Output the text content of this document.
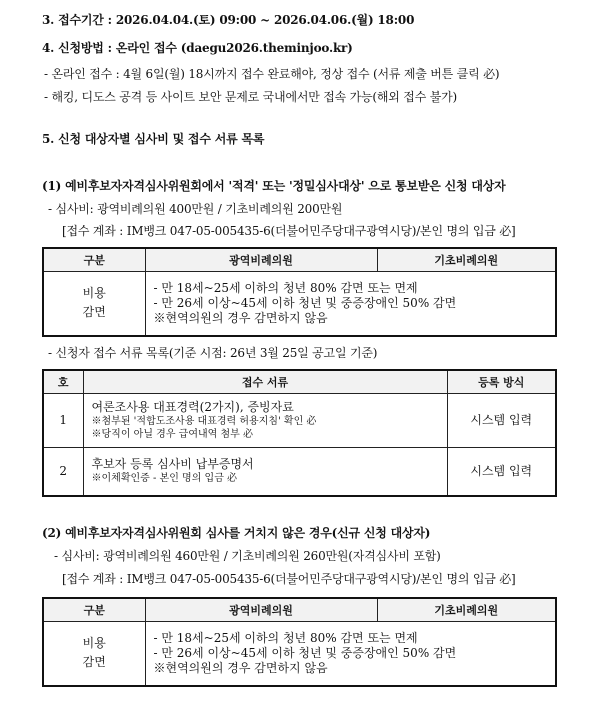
3. 접수기간 : 2026.04.04.(토) 09:00 ~ 2026.04.06.(월) 18:00
4. 신청방법 : 온라인 접수 (daegu2026.theminjoo.kr)
- 온라인 접수 : 4월 6일(월) 18시까지 접수 완료해야, 정상 접수 (서류 제출 버튼 클릭 必)
- 해킹, 디도스 공격 등 사이트 보안 문제로 국내에서만 접속 가능(해외 접수 불가)
5. 신청 대상자별 심사비 및 접수 서류 목록
(1) 예비후보자자격심사위원회에서 '적격' 또는 '정밀심사대상' 으로 통보받은 신청 대상자
- 심사비: 광역비례의원 400만원 / 기초비례의원 200만원
[접수 계좌 : IM뱅크 047-05-005435-6(더불어민주당대구광역시당)/본인 명의 입금 必]
구분	광역비례의원	기초비례의원

비용
감면	- 만 18세~25세 이하의 청년 80% 감면 또는 면제
- 만 26세 이상~45세 이하 청년 및 중증장애인 50% 감면
※현역의원의 경우 감면하지 않음	
- 신청자 접수 서류 목록(기준 시점: 26년 3월 25일 공고일 기준)
호	접수 서류	등록 방식
1	여론조사용 대표경력(2가지), 증빙자료
※첨부된 '적합도조사용 대표경력 허용지침' 확인 必
※당직이 아닐 경우 급여내역 첨부 必	시스템 입력
2	후보자 등록 심사비 납부증명서
※이체확인증 - 본인 명의 입금 必	시스템 입력
(2) 예비후보자자격심사위원회 심사를 거치지 않은 경우(신규 신청 대상자)
- 심사비: 광역비례의원 460만원 / 기초비례의원 260만원(자격심사비 포함)
[접수 계좌 : IM뱅크 047-05-005435-6(더불어민주당대구광역시당)/본인 명의 입금 必]
구분	광역비례의원	기초비례의원

비용
감면	- 만 18세~25세 이하의 청년 80% 감면 또는 면제
- 만 26세 이상~45세 이하 청년 및 중증장애인 50% 감면
※현역의원의 경우 감면하지 않음	
